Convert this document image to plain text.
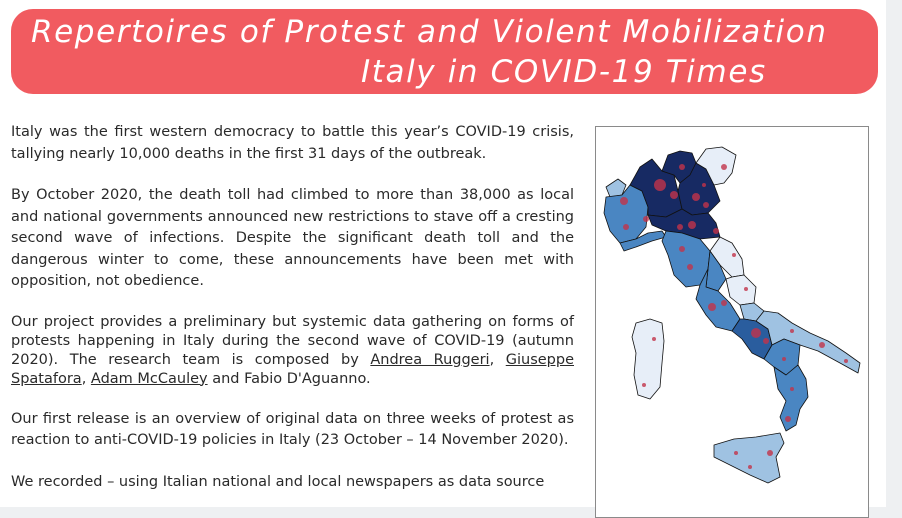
Repertoires of Protest and Violent Mobilization
Italy in COVID-19 Times

Italy was the first western democracy to battle this year’s COVID-19 crisis, tallying nearly 10,000 deaths in the first 31 days of the outbreak.

By October 2020, the death toll had climbed to more than 38,000 as local and national governments announced new restrictions to stave off a cresting second wave of infections. Despite the significant death toll and the dangerous winter to come, these announcements have been met with opposition, not obedience.

Our project provides a preliminary but systemic data gathering on forms of protests happening in Italy during the second wave of COVID-19 (autumn 2020). The research team is composed by Andrea Ruggeri, Giuseppe Spatafora, Adam McCauley and Fabio D'Aguanno.

Our first release is an overview of original data on three weeks of protest as reaction to anti-COVID-19 policies in Italy (23 October – 14 November 2020).

We recorded – using Italian national and local newspapers as data source
